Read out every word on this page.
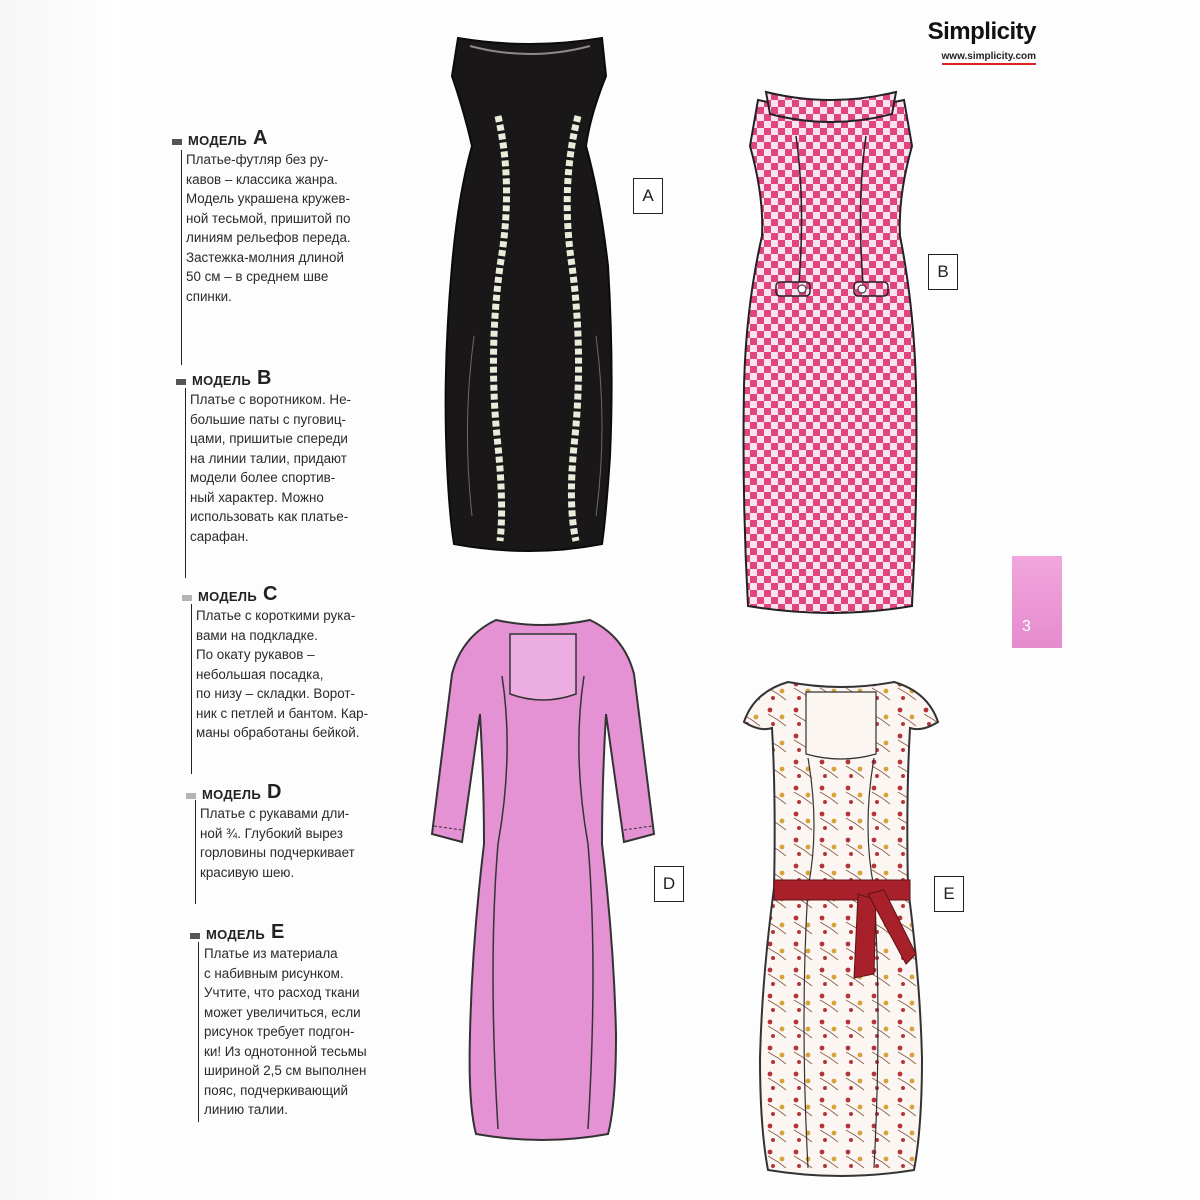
Simplicity
www.simplicity.com
МОДЕЛЬ A
Платье-футляр без ру-
кавов – классика жанра.
Модель украшена кружев-
ной тесьмой, пришитой по
линиям рельефов переда.
Застежка-молния длиной
50 см – в среднем шве
спинки.
МОДЕЛЬ B
Платье с воротником. Не-
большие паты с пуговиц-
цами, пришитые спереди
на линии талии, придают
модели более спортив-
ный характер. Можно
использовать как платье-
сарафан.
МОДЕЛЬ C
Платье с короткими рука-
вами на подкладке.
По окату рукавов –
небольшая посадка,
по низу – складки. Ворот-
ник с петлей и бантом. Кар-
маны обработаны бейкой.
МОДЕЛЬ D
Платье с рукавами дли-
ной ¾. Глубокий вырез
горловины подчеркивает
красивую шею.
МОДЕЛЬ E
Платье из материала
с набивным рисунком.
Учтите, что расход ткани
может увеличиться, если
рисунок требует подгон-
ки! Из однотонной тесьмы
шириной 2,5 см выполнен
пояс, подчеркивающий
линию талии.
A
B
3
D
E
